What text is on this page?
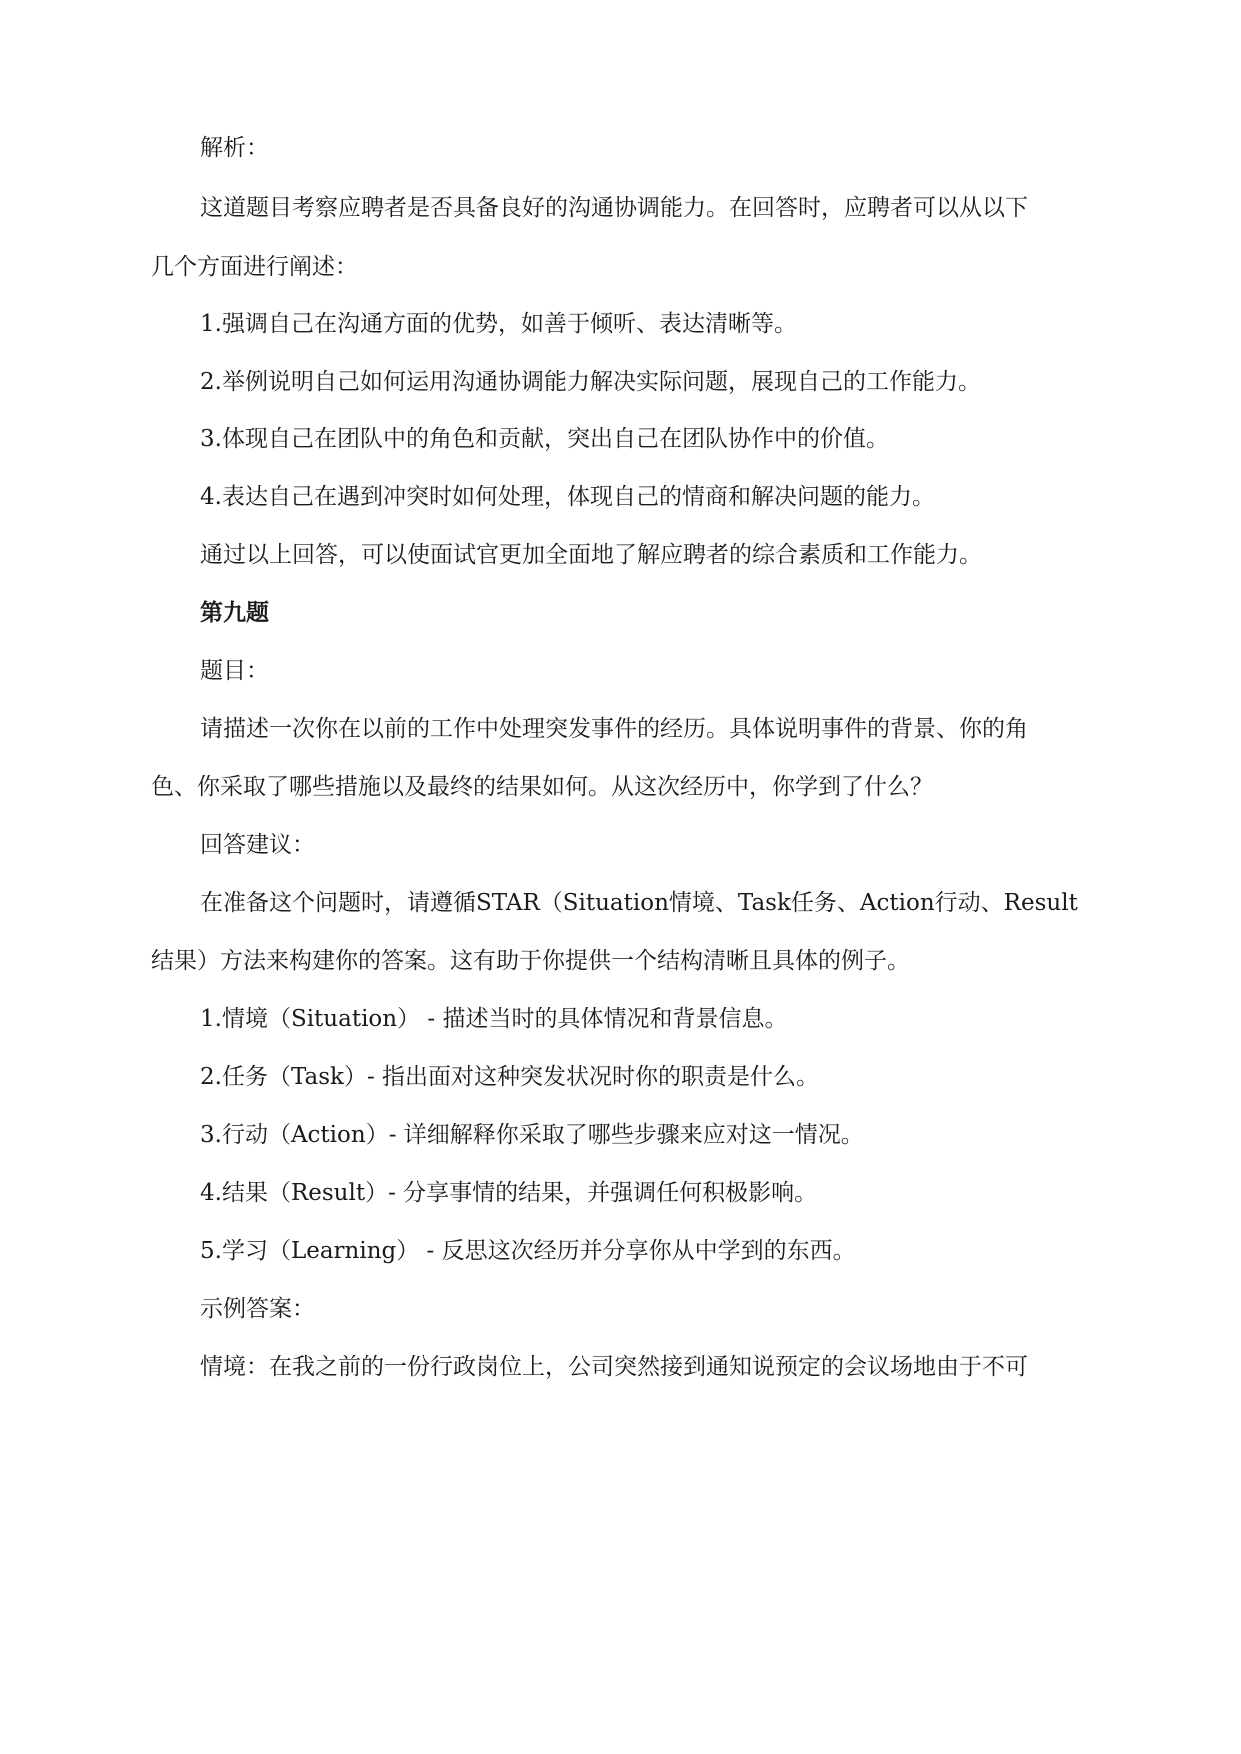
解析：
这道题目考察应聘者是否具备良好的沟通协调能力。在回答时，应聘者可以从以下
几个方面进行阐述：
1.强调自己在沟通方面的优势，如善于倾听、表达清晰等。
2.举例说明自己如何运用沟通协调能力解决实际问题，展现自己的工作能力。
3.体现自己在团队中的角色和贡献，突出自己在团队协作中的价值。
4.表达自己在遇到冲突时如何处理，体现自己的情商和解决问题的能力。
通过以上回答，可以使面试官更加全面地了解应聘者的综合素质和工作能力。
第九题
题目：
请描述一次你在以前的工作中处理突发事件的经历。具体说明事件的背景、你的角
色、你采取了哪些措施以及最终的结果如何。从这次经历中，你学到了什么？
回答建议：
在准备这个问题时，请遵循STAR（Situation情境、Task任务、Action行动、Result
结果）方法来构建你的答案。这有助于你提供一个结构清晰且具体的例子。
1.情境（Situation） - 描述当时的具体情况和背景信息。
2.任务（Task）- 指出面对这种突发状况时你的职责是什么。
3.行动（Action）- 详细解释你采取了哪些步骤来应对这一情况。
4.结果（Result）- 分享事情的结果，并强调任何积极影响。
5.学习（Learning） - 反思这次经历并分享你从中学到的东西。
示例答案：
情境：在我之前的一份行政岗位上，公司突然接到通知说预定的会议场地由于不可
